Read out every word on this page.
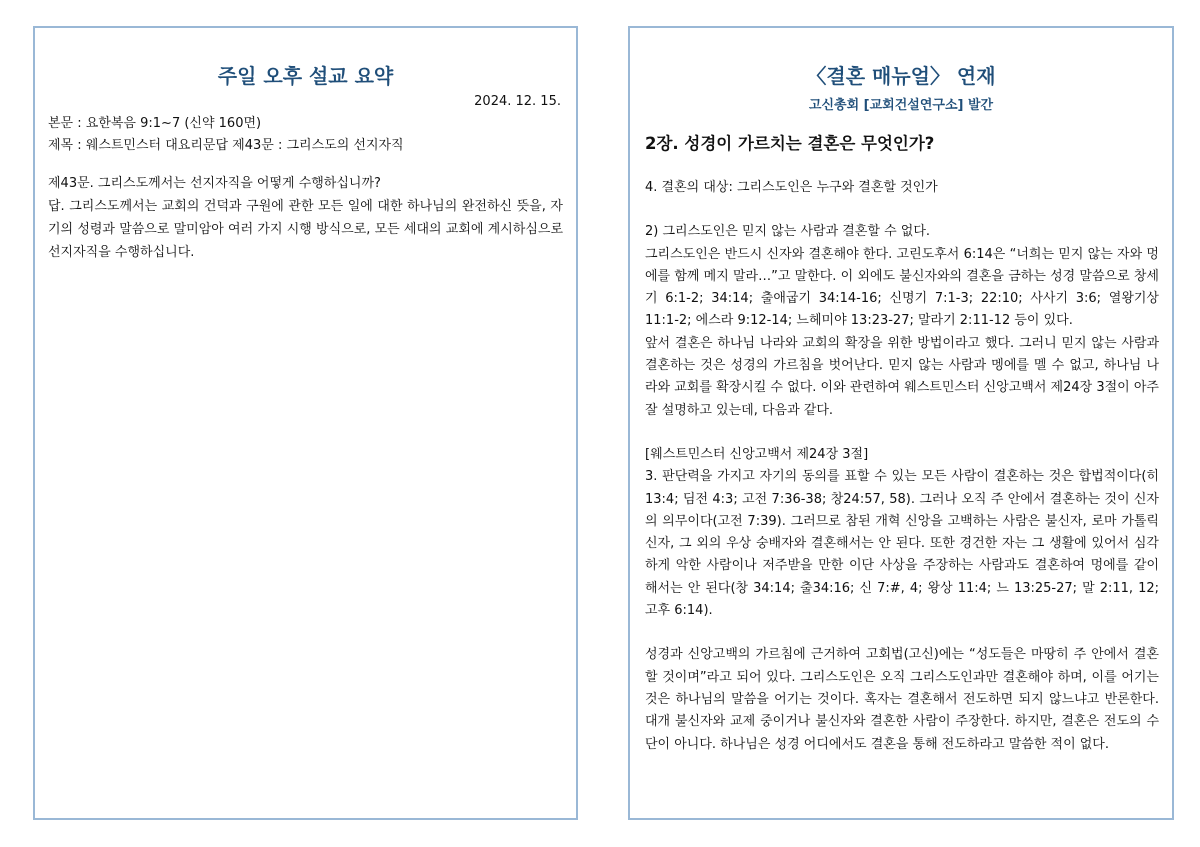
주일 오후 설교 요약
2024. 12. 15.
본문 : 요한복음 9:1~7 (신약 160면)
제목 : 웨스트민스터 대요리문답 제43문 : 그리스도의 선지자직

제43문. 그리스도께서는 선지자직을 어떻게 수행하십니까?

답. 그리스도께서는 교회의 건덕과 구원에 관한 모든 일에 대한 하나님의 완전하신 뜻을, 자기의 성령과 말씀으로 말미암아 여러 가지 시행 방식으로, 모든 세대의 교회에 계시하심으로 선지자직을 수행하십니다.

〈결혼 매뉴얼〉 연재
고신총회 [교회건설연구소] 발간
2장. 성경이 가르치는 결혼은 무엇인가?

4. 결혼의 대상: 그리스도인은 누구와 결혼할 것인가

2) 그리스도인은 믿지 않는 사람과 결혼할 수 없다.

그리스도인은 반드시 신자와 결혼해야 한다. 고린도후서 6:14은 “너희는 믿지 않는 자와 멍에를 함께 메지 말라…”고 말한다. 이 외에도 불신자와의 결혼을 금하는 성경 말씀으로 창세기 6:1-2; 34:14; 출애굽기 34:14-16; 신명기 7:1-3; 22:10; 사사기 3:6; 열왕기상 11:1-2; 에스라 9:12-14; 느헤미야 13:23-27; 말라기 2:11-12 등이 있다.

앞서 결혼은 하나님 나라와 교회의 확장을 위한 방법이라고 했다. 그러니 믿지 않는 사람과 결혼하는 것은 성경의 가르침을 벗어난다. 믿지 않는 사람과 멩에를 멜 수 없고, 하나님 나라와 교회를 확장시킬 수 없다. 이와 관련하여 웨스트민스터 신앙고백서 제24장 3절이 아주 잘 설명하고 있는데, 다음과 같다.

[웨스트민스터 신앙고백서 제24장 3절]

3. 판단력을 가지고 자기의 동의를 표할 수 있는 모든 사람이 결혼하는 것은 합법적이다(히 13:4; 딤전 4:3; 고전 7:36-38; 창24:57, 58). 그러나 오직 주 안에서 결혼하는 것이 신자의 의무이다(고전 7:39). 그러므로 참된 개혁 신앙을 고백하는 사람은 불신자, 로마 가톨릭 신자, 그 외의 우상 숭배자와 결혼해서는 안 된다. 또한 경건한 자는 그 생활에 있어서 심각하게 악한 사람이나 저주받을 만한 이단 사상을 주장하는 사람과도 결혼하여 멍에를 같이 해서는 안 된다(창 34:14; 출34:16; 신 7:#, 4; 왕상 11:4; 느 13:25-27; 말 2:11, 12; 고후 6:14).

성경과 신앙고백의 가르침에 근거하여 고회법(고신)에는 “성도들은 마땅히 주 안에서 결혼할 것이며”라고 되어 있다. 그리스도인은 오직 그리스도인과만 결혼해야 하며, 이를 어기는 것은 하나님의 말씀을 어기는 것이다. 혹자는 결혼해서 전도하면 되지 않느냐고 반론한다. 대개 불신자와 교제 중이거나 불신자와 결혼한 사람이 주장한다. 하지만, 결혼은 전도의 수단이 아니다. 하나님은 성경 어디에서도 결혼을 통해 전도하라고 말씀한 적이 없다.
